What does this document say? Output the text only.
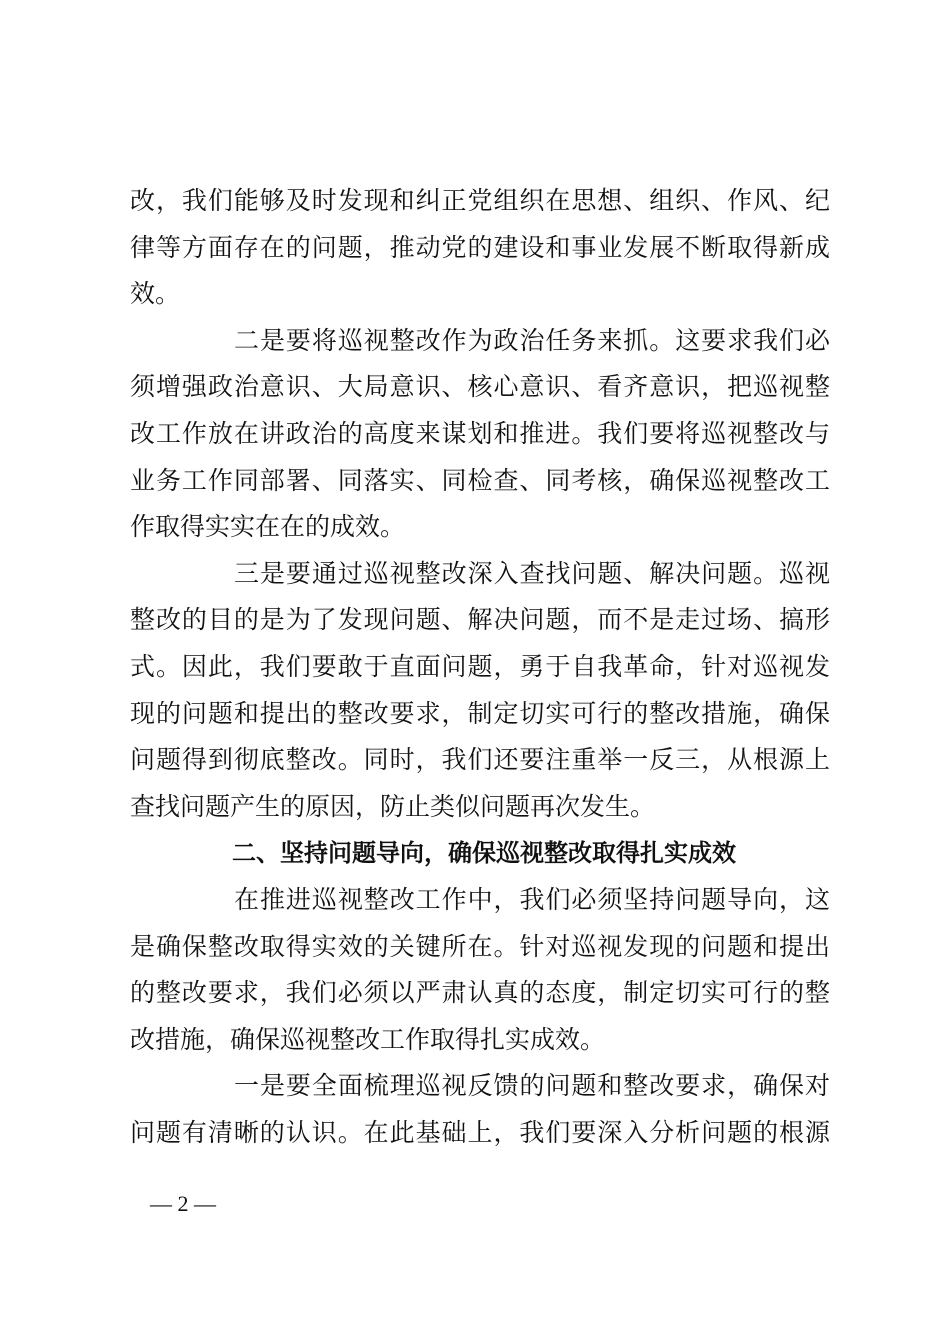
改，我们能够及时发现和纠正党组织在思想、组织、作风、纪
律等方面存在的问题，推动党的建设和事业发展不断取得新成
效。
二是要将巡视整改作为政治任务来抓。这要求我们必
须增强政治意识、大局意识、核心意识、看齐意识，把巡视整
改工作放在讲政治的高度来谋划和推进。我们要将巡视整改与
业务工作同部署、同落实、同检查、同考核，确保巡视整改工
作取得实实在在的成效。
三是要通过巡视整改深入查找问题、解决问题。巡视
整改的目的是为了发现问题、解决问题，而不是走过场、搞形
式。因此，我们要敢于直面问题，勇于自我革命，针对巡视发
现的问题和提出的整改要求，制定切实可行的整改措施，确保
问题得到彻底整改。同时，我们还要注重举一反三，从根源上
查找问题产生的原因，防止类似问题再次发生。
二、坚持问题导向，确保巡视整改取得扎实成效
在推进巡视整改工作中，我们必须坚持问题导向，这
是确保整改取得实效的关键所在。针对巡视发现的问题和提出
的整改要求，我们必须以严肃认真的态度，制定切实可行的整
改措施，确保巡视整改工作取得扎实成效。
一是要全面梳理巡视反馈的问题和整改要求，确保对
问题有清晰的认识。在此基础上，我们要深入分析问题的根源
— 2 —
